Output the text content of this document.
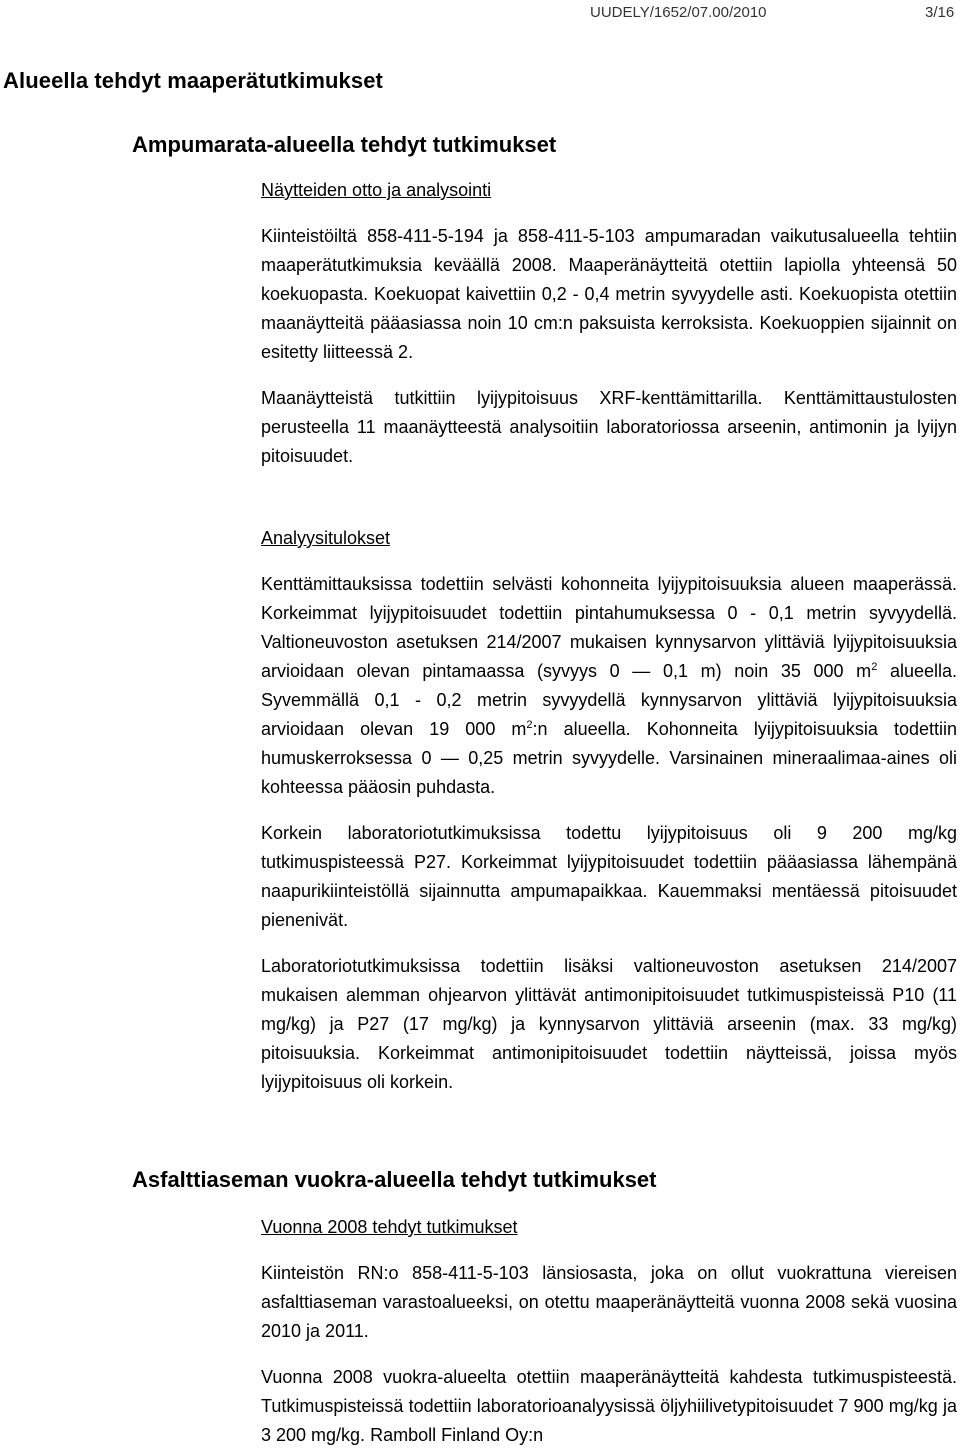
UUDELY/1652/07.00/2010	3/16
Alueella tehdyt maaperätutkimukset
Ampumarata-alueella tehdyt tutkimukset

Näytteiden otto ja analysointi

Kiinteistöiltä 858-411-5-194 ja 858-411-5-103 ampumaradan vaikutusalueella tehtiin maaperätutkimuksia keväällä 2008. Maaperänäytteitä otettiin lapiolla yhteensä 50 koekuopasta. Koekuopat kaivettiin 0,2 - 0,4 metrin syvyydelle asti. Koekuopista otettiin maanäytteitä pääasiassa noin 10 cm:n paksuista kerroksista. Koekuoppien sijainnit on esitetty liitteessä 2.

Maanäytteistä tutkittiin lyijypitoisuus XRF-kenttämittarilla. Kenttämittaustulosten perusteella 11 maanäytteestä analysoitiin laboratoriossa arseenin, antimonin ja lyijyn pitoisuudet.

Analyysitulokset

Kenttämittauksissa todettiin selvästi kohonneita lyijypitoisuuksia alueen maaperässä. Korkeimmat lyijypitoisuudet todettiin pintahumuksessa 0 - 0,1 metrin syvyydellä. Valtioneuvoston asetuksen 214/2007 mukaisen kynnysarvon ylittäviä lyijypitoisuuksia arvioidaan olevan pintamaassa (syvyys 0 — 0,1 m) noin 35 000 $m^2$ alueella. Syvemmällä 0,1 - 0,2 metrin syvyydellä kynnysarvon ylittäviä lyijypitoisuuksia arvioidaan olevan 19 000 $m^2:n$ alueella. Kohonneita lyijypitoisuuksia todettiin humuskerroksessa 0 — 0,25 metrin syvyydelle. Varsinainen mineraalimaa-aines oli kohteessa pääosin puhdasta.

Korkein laboratoriotutkimuksissa todettu lyijypitoisuus oli 9 200 mg/kg tutkimuspisteessä P27. Korkeimmat lyijypitoisuudet todettiin pääasiassa lähempänä naapurikiinteistöllä sijainnutta ampumapaikkaa. Kauemmaksi mentäessä pitoisuudet pienenivät.

Laboratoriotutkimuksissa todettiin lisäksi valtioneuvoston asetuksen 214/2007 mukaisen alemman ohjearvon ylittävät antimonipitoisuudet tutkimuspisteissä P10 (11 mg/kg) ja P27 (17 mg/kg) ja kynnysarvon ylittäviä arseenin (max. 33 mg/kg) pitoisuuksia. Korkeimmat antimonipitoisuudet todettiin näytteissä, joissa myös lyijypitoisuus oli korkein.

Asfalttiaseman vuokra-alueella tehdyt tutkimukset

Vuonna 2008 tehdyt tutkimukset

Kiinteistön RN:o 858-411-5-103 länsiosasta, joka on ollut vuokrattuna viereisen asfalttiaseman varastoalueeksi, on otettu maaperänäytteitä vuonna 2008 sekä vuosina 2010 ja 2011.

Vuonna 2008 vuokra-alueelta otettiin maaperänäytteitä kahdesta tutkimuspisteestä. Tutkimuspisteissä todettiin laboratorioanalyysissä öljyhiilivetypitoisuudet 7 900 mg/kg ja 3 200 mg/kg. Ramboll Finland Oy:n
